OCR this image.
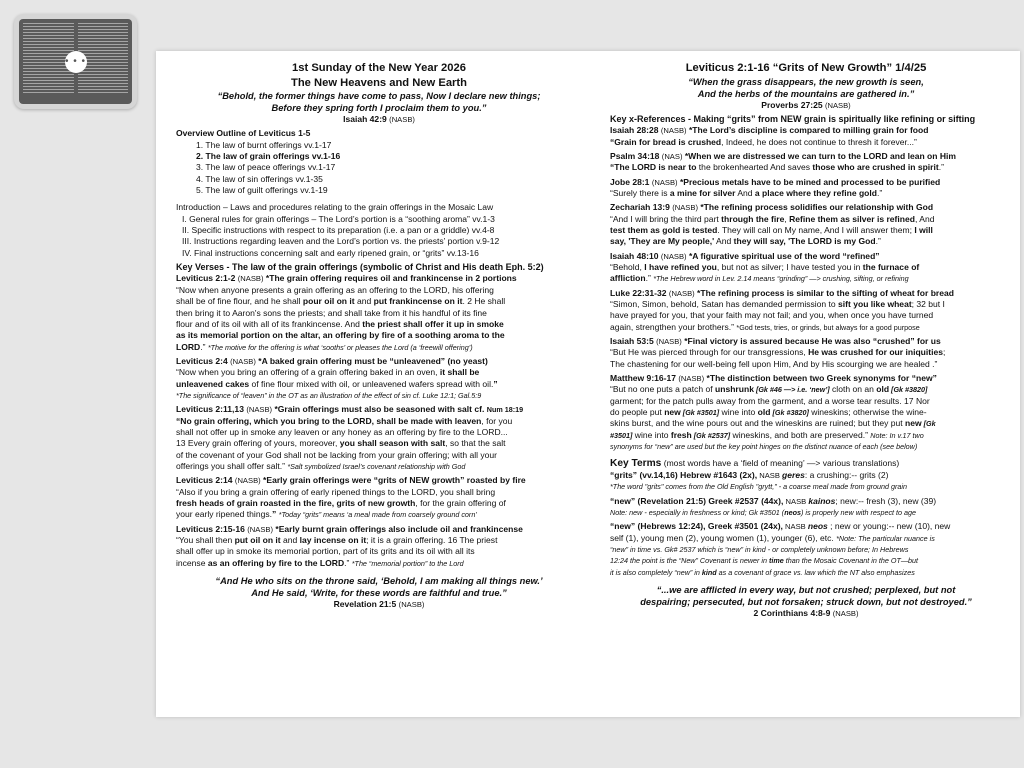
• • •
1st Sunday of the New Year 2026
The New Heavens and New Earth
“Behold, the former things have come to pass, Now I declare new things;
Before they spring forth I proclaim them to you.”
Isaiah 42:9 (NASB)
Overview Outline of Leviticus 1-5
1. The law of burnt offerings vv.1-17
2. The law of grain offerings vv.1-16
3. The law of peace offerings vv.1-17
4. The law of sin offerings vv.1-35
5. The law of guilt offerings vv.1-19
Introduction – Laws and procedures relating to the grain offerings in the Mosaic Law
I. General rules for grain offerings – The Lord’s portion is a “soothing aroma” vv.1-3
II. Specific instructions with respect to its preparation (i.e. a pan or a griddle) vv.4-8
III. Instructions regarding leaven and the Lord’s portion vs. the priests’ portion v.9-12
IV. Final instructions concerning salt and early ripened grain, or “grits” vv.13-16
Key Verses - The law of the grain offerings (symbolic of Christ and His death Eph. 5:2)
Leviticus 2:1-2 (NASB) *The grain offering requires oil and frankincense in 2 portions
“Now when anyone presents a grain offering as an offering to the LORD, his offering
shall be of fine flour, and he shall pour oil on it and put frankincense on it. 2 He shall
then bring it to Aaron's sons the priests; and shall take from it his handful of its fine
flour and of its oil with all of its frankincense. And the priest shall offer it up in smoke
as its memorial portion on the altar, an offering by fire of a soothing aroma to the
LORD.” *The motive for the offering is what ‘sooths’ or pleases the Lord (a ‘freewill offering’)
Leviticus 2:4 (NASB) *A baked grain offering must be “unleavened” (no yeast)
“Now when you bring an offering of a grain offering baked in an oven, it shall be
unleavened cakes of fine flour mixed with oil, or unleavened wafers spread with oil.”
*The significance of “leaven” in the OT as an illustration of the effect of sin cf. Luke 12:1; Gal.5:9
Leviticus 2:11,13 (NASB) *Grain offerings must also be seasoned with salt cf. Num 18:19
“No grain offering, which you bring to the LORD, shall be made with leaven, for you
shall not offer up in smoke any leaven or any honey as an offering by fire to the LORD...
13 Every grain offering of yours, moreover, you shall season with salt, so that the salt
of the covenant of your God shall not be lacking from your grain offering; with all your
offerings you shall offer salt.” *Salt symbolized Israel’s covenant relationship with God
Leviticus 2:14 (NASB) *Early grain offerings were “grits of NEW growth” roasted by fire
“Also if you bring a grain offering of early ripened things to the LORD, you shall bring
fresh heads of grain roasted in the fire, grits of new growth, for the grain offering of
your early ripened things.” *Today “grits” means ‘a meal made from coarsely ground corn’
Leviticus 2:15-16 (NASB) *Early burnt grain offerings also include oil and frankincense
“You shall then put oil on it and lay incense on it; it is a grain offering. 16 The priest
shall offer up in smoke its memorial portion, part of its grits and its oil with all its
incense as an offering by fire to the LORD.” *The “memorial portion” to the Lord
“And He who sits on the throne said, ‘Behold, I am making all things new.’
And He said, ‘Write, for these words are faithful and true.”
Revelation 21:5 (NASB)
Leviticus 2:1-16 “Grits of New Growth” 1/4/25
“When the grass disappears, the new growth is seen,
And the herbs of the mountains are gathered in.”
Proverbs 27:25 (NASB)
Key x-References - Making “grits” from NEW grain is spiritually like refining or sifting
Isaiah 28:28 (NASB) *The Lord’s discipline is compared to milling grain for food
“Grain for bread is crushed, Indeed, he does not continue to thresh it forever...”
Psalm 34:18 (NAS) *When we are distressed we can turn to the LORD and lean on Him
“The LORD is near to the brokenhearted And saves those who are crushed in spirit.”
Jobe 28:1 (NASB) *Precious metals have to be mined and processed to be purified
“Surely there is a mine for silver And a place where they refine gold.”
Zechariah 13:9 (NASB) *The refining process solidifies our relationship with God
“And I will bring the third part through the fire, Refine them as silver is refined, And
test them as gold is tested. They will call on My name, And I will answer them; I will
say, 'They are My people,' And they will say, 'The LORD is my God.”
Isaiah 48:10 (NASB) *A figurative spiritual use of the word “refined”
“Behold, I have refined you, but not as silver; I have tested you in the furnace of
affliction.” *The Hebrew word in Lev. 2.14 means “grinding” —> crushing, sifting, or refining
Luke 22:31-32 (NASB) *The refining process is similar to the sifting of wheat for bread
“Simon, Simon, behold, Satan has demanded permission to sift you like wheat; 32 but I
have prayed for you, that your faith may not fail; and you, when once you have turned
again, strengthen your brothers.” *God tests, tries, or grinds, but always for a good purpose
Isaiah 53:5 (NASB) *Final victory is assured because He was also “crushed” for us
“But He was pierced through for our transgressions, He was crushed for our iniquities;
The chastening for our well-being fell upon Him, And by His scourging we are healed .”
Matthew 9:16-17 (NASB) *The distinction between two Greek synonyms for “new”
“But no one puts a patch of unshrunk [Gk #46 —> i.e. ‘new’] cloth on an old [Gk #3820]
garment; for the patch pulls away from the garment, and a worse tear results. 17 Nor
do people put new [Gk #3501] wine into old [Gk #3820] wineskins; otherwise the wine-
skins burst, and the wine pours out and the wineskins are ruined; but they put new [Gk
#3501] wine into fresh [Gk #2537] wineskins, and both are preserved.” Note: In v.17 two
synonyms for “new” are used but the key point hinges on the distinct nuance of each (see below)
Key Terms (most words have a ‘field of meaning’ —> various translations)
“grits” (vv.14,16) Hebrew #1643 (2x), NASB geres: a crushing:-- grits (2)
*The word "grits" comes from the Old English "grytt," - a coarse meal made from ground grain
“new” (Revelation 21:5) Greek #2537 (44x), NASB kainos; new:-- fresh (3), new (39)
Note: new - especially in freshness or kind; Gk #3501 (neos) is properly new with respect to age
“new” (Hebrews 12:24), Greek #3501 (24x), NASB neos ; new or young:-- new (10), new
self (1), young men (2), young women (1), younger (6), etc. *Note: The particular nuance is
“new” in time vs. Gk# 2537 which is “new” in kind - or completely unknown before; In Hebrews
12:24 the point is the “New” Covenant is newer in time than the Mosaic Covenant in the OT—but
it is also completely “new” in kind as a covenant of grace vs. law which the NT also emphasizes
“...we are afflicted in every way, but not crushed; perplexed, but not
despairing; persecuted, but not forsaken; struck down, but not destroyed.”
2 Corinthians 4:8-9 (NASB)
